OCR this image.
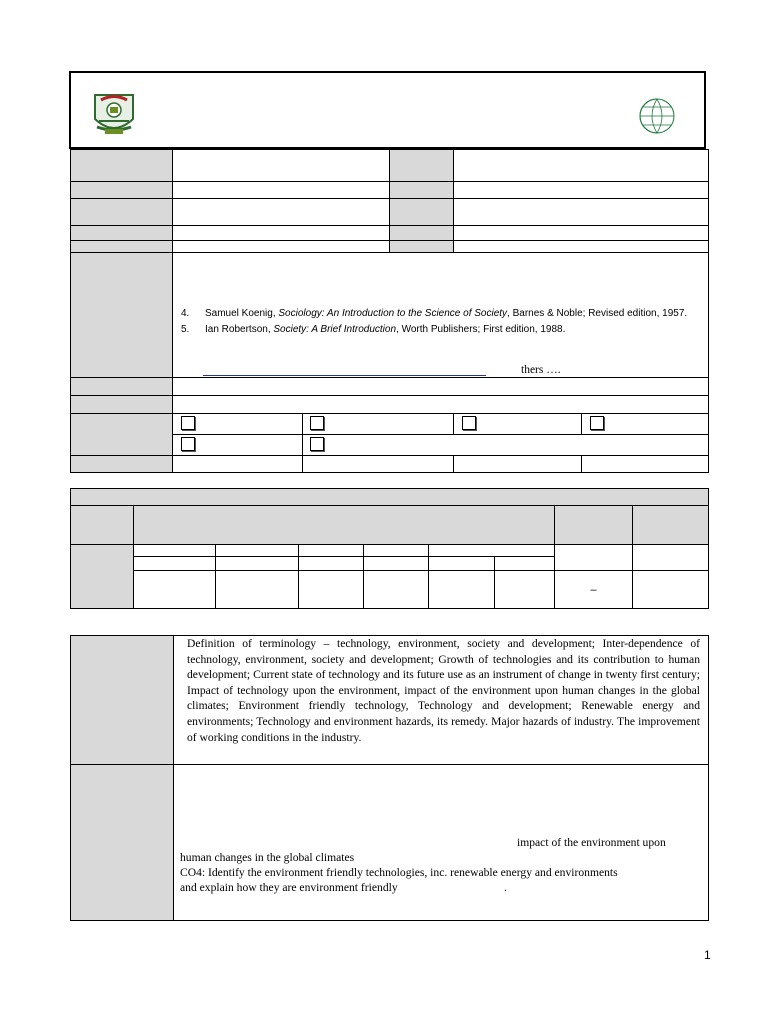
	4. Samuel Koenig, Sociology: An Introduction to the Science of Society, Barnes & Noble; Revised edition, 1957.
5. Ian Robertson, Society: A Brief Introduction, Worth Publishers; First edition, 1988.
thers ….				

							–	

	Definition of terminology – technology, environment, society and development; Inter-dependence of technology, environment, society and development; Growth of technologies and its contribution to human development; Current state of technology and its future use as an instrument of change in twenty first century; Impact of technology upon the environment, impact of the environment upon human changes in the global climates; Environment friendly technology, Technology and development; Renewable energy and environments; Technology and environment hazards, its remedy. Major hazards of industry. The improvement of working conditions in the industry.

	impact of the environment upon
human changes in the global climates
CO4: Identify the environment friendly technologies, inc. renewable energy and environments
and explain how they are environment friendly .
1
